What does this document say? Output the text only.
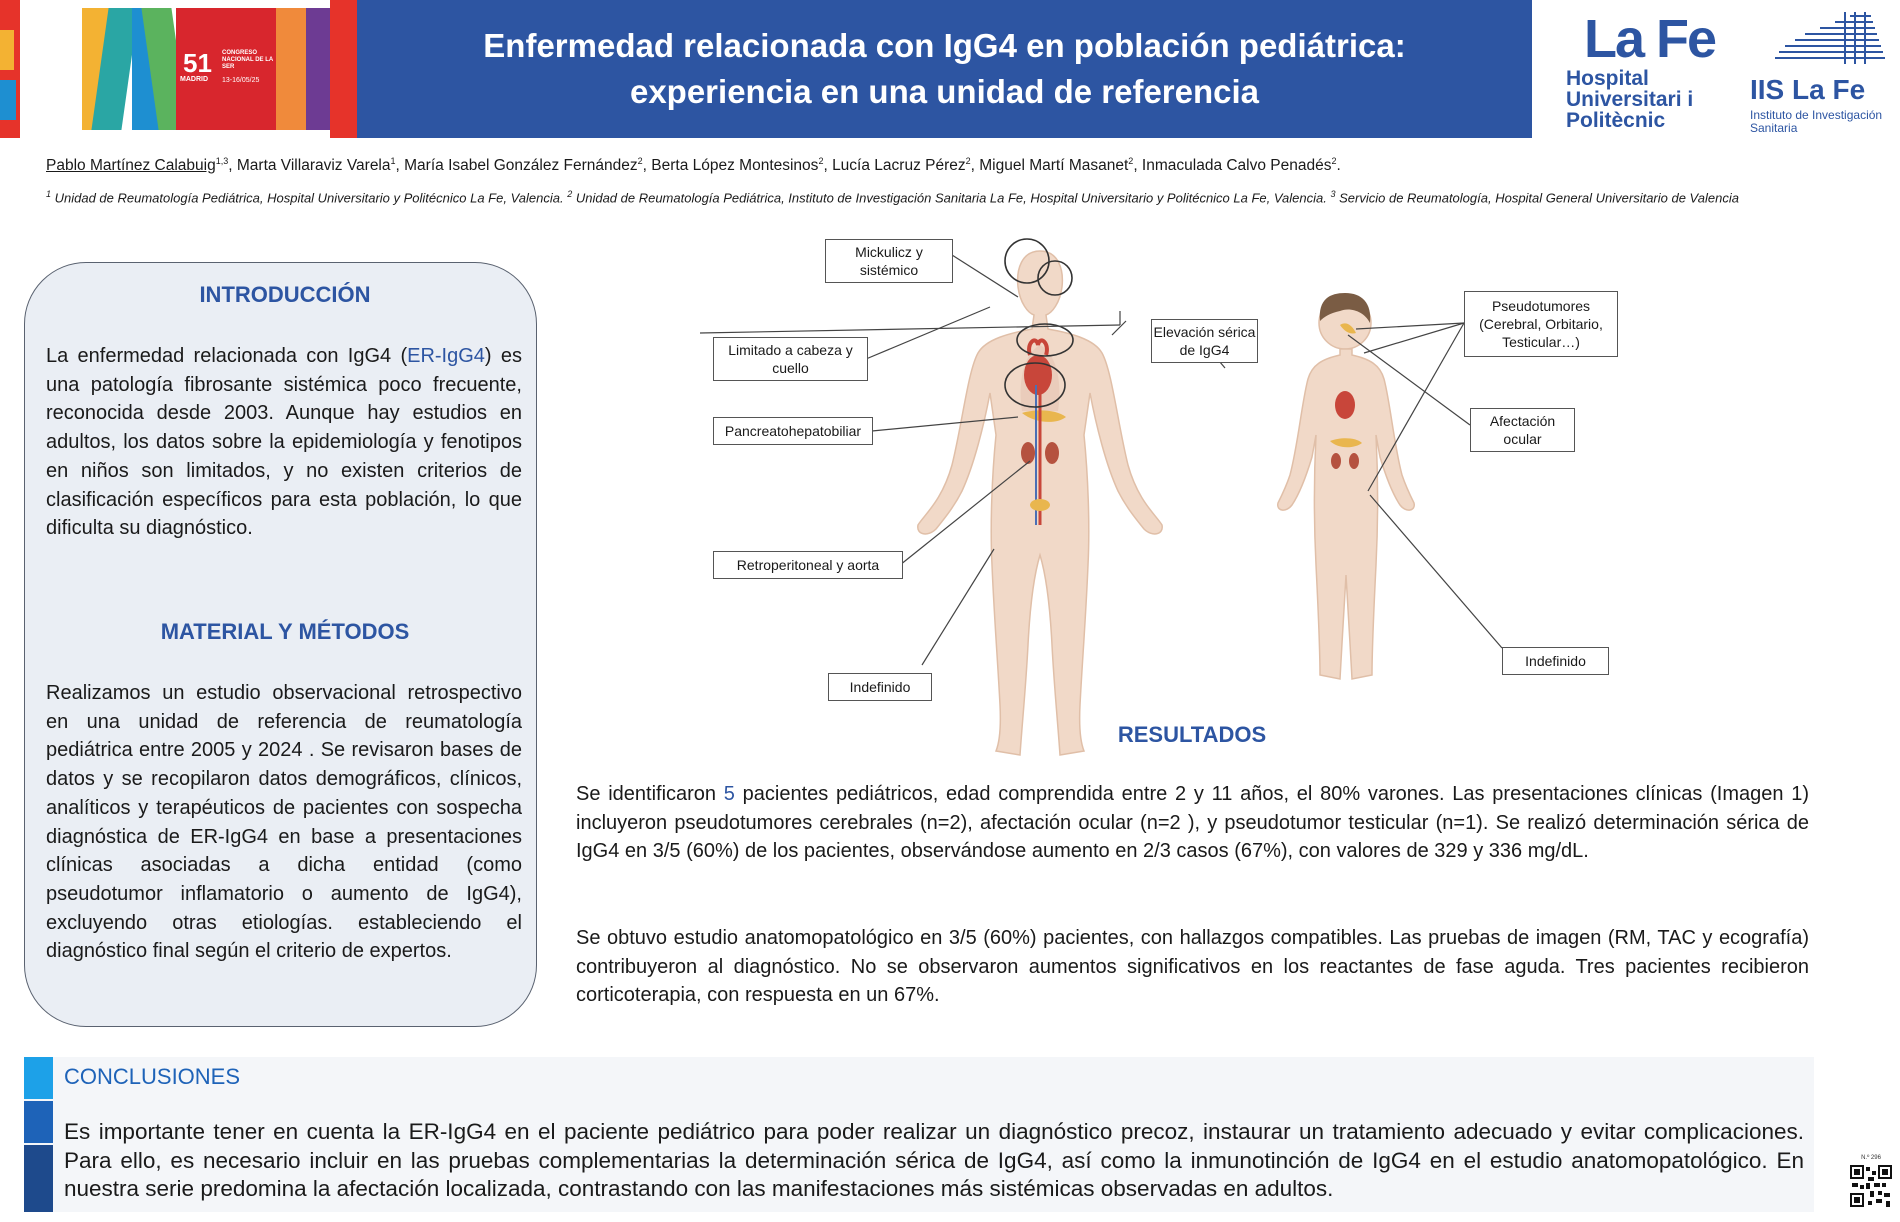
51 CONGRESO NACIONAL DE LA SER
MADRID 13-16/05/25
Enfermedad relacionada con IgG4 en población pediátrica:
experiencia en una unidad de referencia
La Fe
Hospital Universitari i Politècnic
IIS La Fe
Instituto de Investigación Sanitaria
Pablo Martínez Calabuig$^{1,3}$, Marta Villaraviz Varela$^1$, María Isabel González Fernández$^2$, Berta López Montesinos$^2$, Lucía Lacruz Pérez$^2$, Miguel Martí Masanet$^2$, Inmaculada Calvo Penadés$^2$.
$^1$ Unidad de Reumatología Pediátrica, Hospital Universitario y Politécnico La Fe, Valencia. $^2$ Unidad de Reumatología Pediátrica, Instituto de Investigación Sanitaria La Fe, Hospital Universitario y Politécnico La Fe, Valencia. $^3$ Servicio de Reumatología, Hospital General Universitario de Valencia
INTRODUCCIÓN
La enfermedad relacionada con IgG4 (ER-IgG4) es una patología fibrosante sistémica poco frecuente, reconocida desde 2003. Aunque hay estudios en adultos, los datos sobre la epidemiología y fenotipos en niños son limitados, y no existen criterios de clasificación específicos para esta población, lo que dificulta su diagnóstico.
MATERIAL Y MÉTODOS
Realizamos un estudio observacional retrospectivo en una unidad de referencia de reumatología pediátrica entre 2005 y 2024 . Se revisaron bases de datos y se recopilaron datos demográficos, clínicos, analíticos y terapéuticos de pacientes con sospecha diagnóstica de ER-IgG4 en base a presentaciones clínicas asociadas a dicha entidad (como pseudotumor inflamatorio o aumento de IgG4), excluyendo otras etiologías. estableciendo el diagnóstico final según el criterio de expertos.
Mickulicz y sistémico
Limitado a cabeza y cuello
Pancreatohepatobiliar
Retroperitoneal y aorta
Indefinido
Elevación sérica de IgG4
Pseudotumores (Cerebral, Orbitario, Testicular…)
Afectación ocular
Indefinido
RESULTADOS
Se identificaron 5 pacientes pediátricos, edad comprendida entre 2 y 11 años, el 80% varones. Las presentaciones clínicas (Imagen 1) incluyeron pseudotumores cerebrales (n=2), afectación ocular (n=2 ), y pseudotumor testicular (n=1). Se realizó determinación sérica de IgG4 en 3/5 (60%) de los pacientes, observándose aumento en 2/3 casos (67%), con valores de 329 y 336 mg/dL.
Se obtuvo estudio anatomopatológico en 3/5 (60%) pacientes, con hallazgos compatibles. Las pruebas de imagen (RM, TAC y ecografía) contribuyeron al diagnóstico. No se observaron aumentos significativos en los reactantes de fase aguda. Tres pacientes recibieron corticoterapia, con respuesta en un 67%.
CONCLUSIONES
Es importante tener en cuenta la ER-IgG4 en el paciente pediátrico para poder realizar un diagnóstico precoz, instaurar un tratamiento adecuado y evitar complicaciones. Para ello, es necesario incluir en las pruebas complementarias la determinación sérica de IgG4, así como la inmunotinción de IgG4 en el estudio anatomopatológico. En nuestra serie predomina la afectación localizada, contrastando con las manifestaciones más sistémicas observadas en adultos.
N.º 296
